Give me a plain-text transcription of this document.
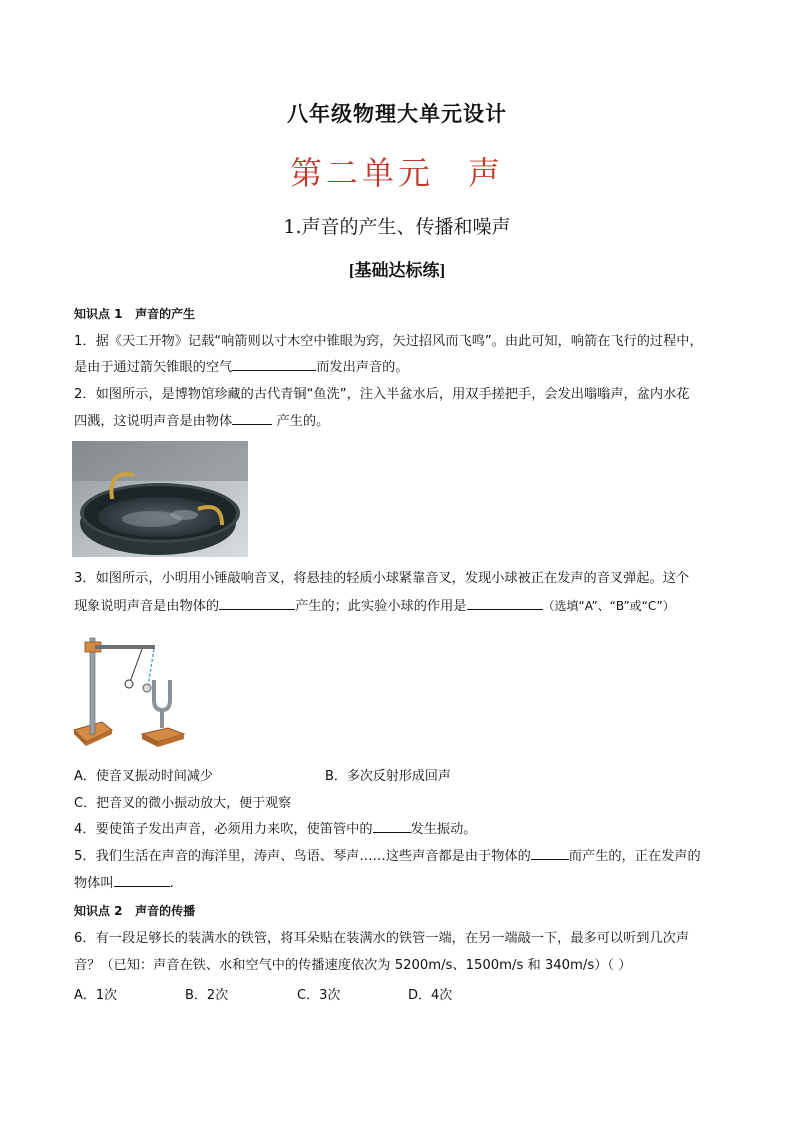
八年级物理大单元设计
第二单元 声
1.声音的产生、传播和噪声
[基础达标练]
知识点 1 声音的产生
1．据《天工开物》记载“响箭则以寸木空中锥眼为窍，矢过招风而飞鸣”。由此可知，响箭在飞行的过程中，
是由于通过箭矢锥眼的空气	而发出声音的。
2．如图所示，是博物馆珍藏的古代青铜“鱼洗”，注入半盆水后，用双手搓把手，会发出嗡嗡声，盆内水花
四溅，这说明声音是由物体	产生的。
3．如图所示，小明用小锤敲响音叉，将悬挂的轻质小球紧靠音叉，发现小球被正在发声的音叉弹起。这个
现象说明声音是由物体的	产生的；此实验小球的作用是	（选填“A”、“B”或“C”）
A．使音叉振动时间减少	B．多次反射形成回声
C．把音叉的微小振动放大，便于观察
4．要使笛子发出声音，必须用力来吹，使笛管中的	发生振动。
5．我们生活在声音的海洋里，涛声、鸟语、琴声……这些声音都是由于物体的	而产生的，正在发声的
物体叫	.
知识点 2 声音的传播
6．有一段足够长的装满水的铁管，将耳朵贴在装满水的铁管一端，在另一端敲一下，最多可以听到几次声
音？（已知：声音在铁、水和空气中的传播速度依次为 5200m/s、1500m/s 和 340m/s）（ ）
A．1次	B．2次	C．3次	D．4次
